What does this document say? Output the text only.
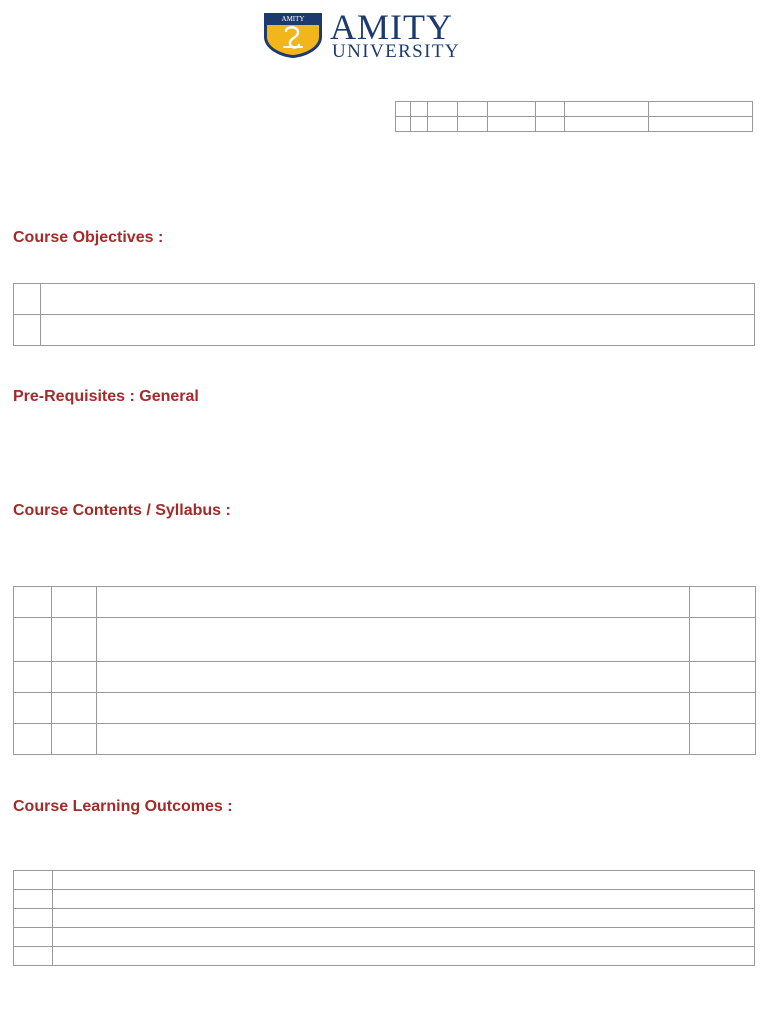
AMITY AMITY
UNIVERSITY

Course Objectives :

Pre-Requisites : General
Course Contents / Syllabus :

Course Learning Outcomes :
